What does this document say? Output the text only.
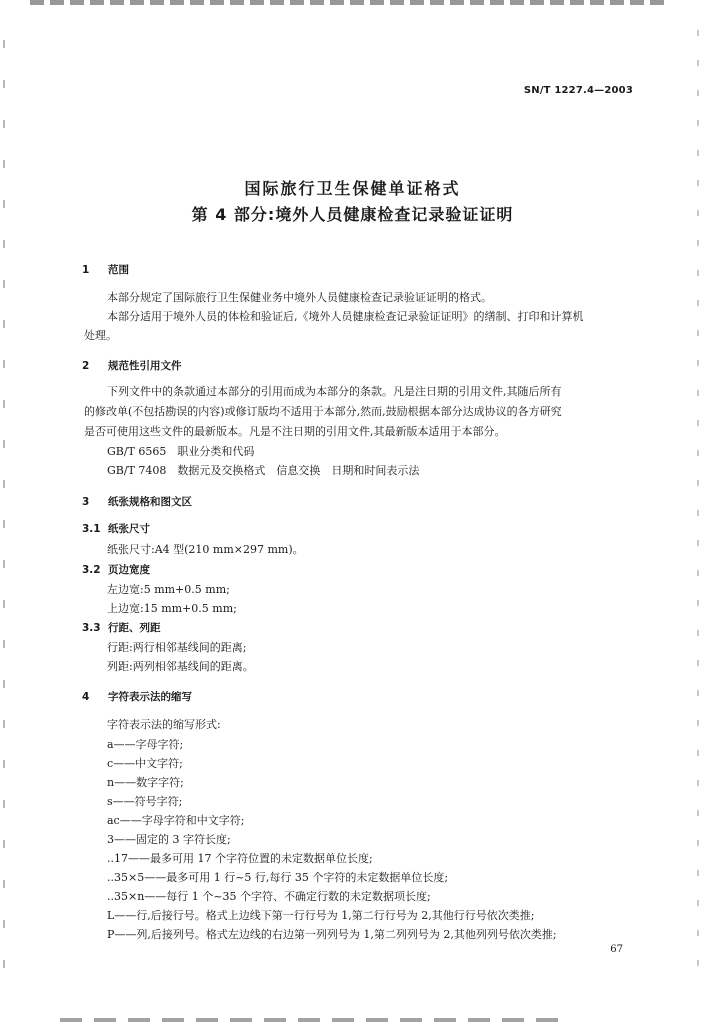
SN/T 1227.4—2003
国际旅行卫生保健单证格式
第 4 部分:境外人员健康检查记录验证证明
1 范围
本部分规定了国际旅行卫生保健业务中境外人员健康检查记录验证证明的格式。
本部分适用于境外人员的体检和验证后,《境外人员健康检查记录验证证明》的缮制、打印和计算机
处理。
2 规范性引用文件
下列文件中的条款通过本部分的引用而成为本部分的条款。凡是注日期的引用文件,其随后所有
的修改单(不包括勘误的内容)或修订版均不适用于本部分,然而,鼓励根据本部分达成协议的各方研究
是否可使用这些文件的最新版本。凡是不注日期的引用文件,其最新版本适用于本部分。
GB/T 6565　职业分类和代码
GB/T 7408　数据元及交换格式　信息交换　日期和时间表示法
3 纸张规格和图文区
3.1 纸张尺寸
纸张尺寸:A4 型(210 mm×297 mm)。
3.2 页边宽度
左边宽:5 mm+0.5 mm;
上边宽:15 mm+0.5 mm;
3.3 行距、列距
行距:两行相邻基线间的距离;
列距:两列相邻基线间的距离。
4 字符表示法的缩写
字符表示法的缩写形式:
a——字母字符;
c——中文字符;
n——数字字符;
s——符号字符;
ac——字母字符和中文字符;
3——固定的 3 字符长度;
..17——最多可用 17 个字符位置的未定数据单位长度;
..35×5——最多可用 1 行~5 行,每行 35 个字符的未定数据单位长度;
..35×n——每行 1 个~35 个字符、不确定行数的未定数据项长度;
L——行,后接行号。格式上边线下第一行行号为 1,第二行行号为 2,其他行行号依次类推;
P——列,后接列号。格式左边线的右边第一列列号为 1,第二列列号为 2,其他列列号依次类推;
67
